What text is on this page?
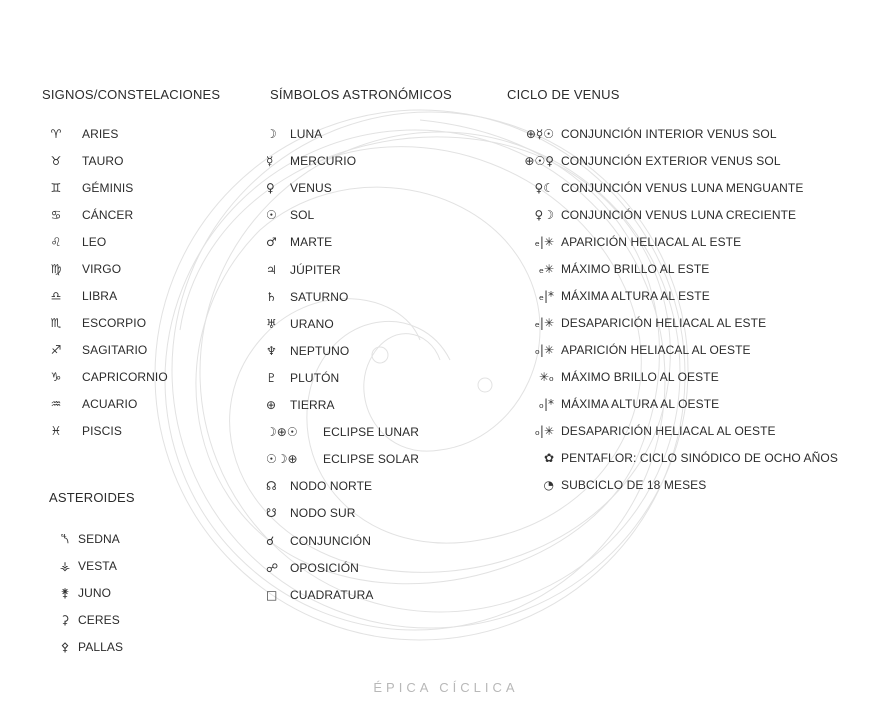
SIGNOS/CONSTELACIONES
♈︎	ARIES
♉︎	TAURO
♊︎	GÉMINIS
♋︎	CÁNCER
♌︎	LEO
♍︎	VIRGO
♎︎	LIBRA
♏︎	ESCORPIO
♐︎	SAGITARIO
♑︎	CAPRICORNIO
♒︎	ACUARIO
♓︎	PISCIS
ASTEROIDES
⯲ SEDNA
⚶ VESTA
⚵ JUNO
⚳ CERES
⚴ PALLAS
SÍMBOLOS ASTRONÓMICOS
☽	LUNA
☿	MERCURIO
♀	VENUS
☉	SOL
♂	MARTE
♃	JÚPITER
♄	SATURNO
♅	URANO
♆	NEPTUNO
♇	PLUTÓN
⊕	TIERRA
☽⊕☉	ECLIPSE LUNAR
☉☽⊕	ECLIPSE SOLAR
☊	NODO NORTE
☋	NODO SUR
☌	CONJUNCIÓN
☍ OPOSICIÓN
□	CUADRATURA
CICLO DE VENUS
⊕☿☉ CONJUNCIÓN INTERIOR VENUS SOL
⊕☉♀ CONJUNCIÓN EXTERIOR VENUS SOL
♀☾ CONJUNCIÓN VENUS LUNA MENGUANTE
♀☽ CONJUNCIÓN VENUS LUNA CRECIENTE
ₑ|✳ APARICIÓN HELIACAL AL ESTE
ₑ✳ MÁXIMO BRILLO AL ESTE
ₑ|* MÁXIMA ALTURA AL ESTE
ₑ|✳ DESAPARICIÓN HELIACAL AL ESTE
ₒ|✳ APARICIÓN HELIACAL AL OESTE
✳ₒ MÁXIMO BRILLO AL OESTE
ₒ|* MÁXIMA ALTURA AL OESTE
ₒ|✳ DESAPARICIÓN HELIACAL AL OESTE
✿ PENTAFLOR: CICLO SINÓDICO DE OCHO AÑOS
◔ SUBCICLO DE 18 MESES
ÉPICA CÍCLICA
